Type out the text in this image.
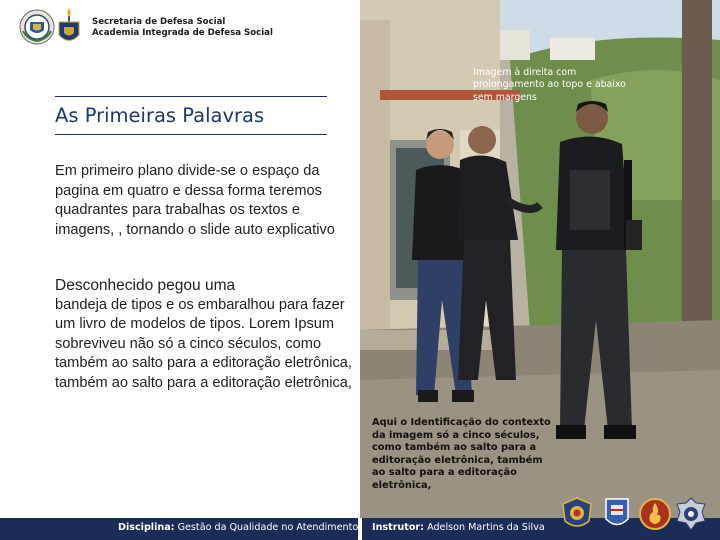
Secretaria de Defesa Social
Academia Integrada de Defesa Social
As Primeiras Palavras
Em primeiro plano divide-se o espaço da pagina em quatro e dessa forma teremos quadrantes para trabalhas os textos e imagens, , tornando o slide auto explicativo
Desconhecido pegou uma
bandeja de tipos e os embaralhou para fazer um livro de modelos de tipos. Lorem Ipsum sobreviveu não só a cinco séculos, como também ao salto para a editoração eletrônica, também ao salto para a editoração eletrônica,
Imagem à direita com prolongamento ao topo e abaixo sem margens
Aqui o Identificação do contexto da imagem só a cinco séculos, como também ao salto para a editoração eletrônica, também ao salto para a editoração eletrônica,
Disciplina: Gestão da Qualidade no Atendimento Instrutor: Adelson Martins da Silva
